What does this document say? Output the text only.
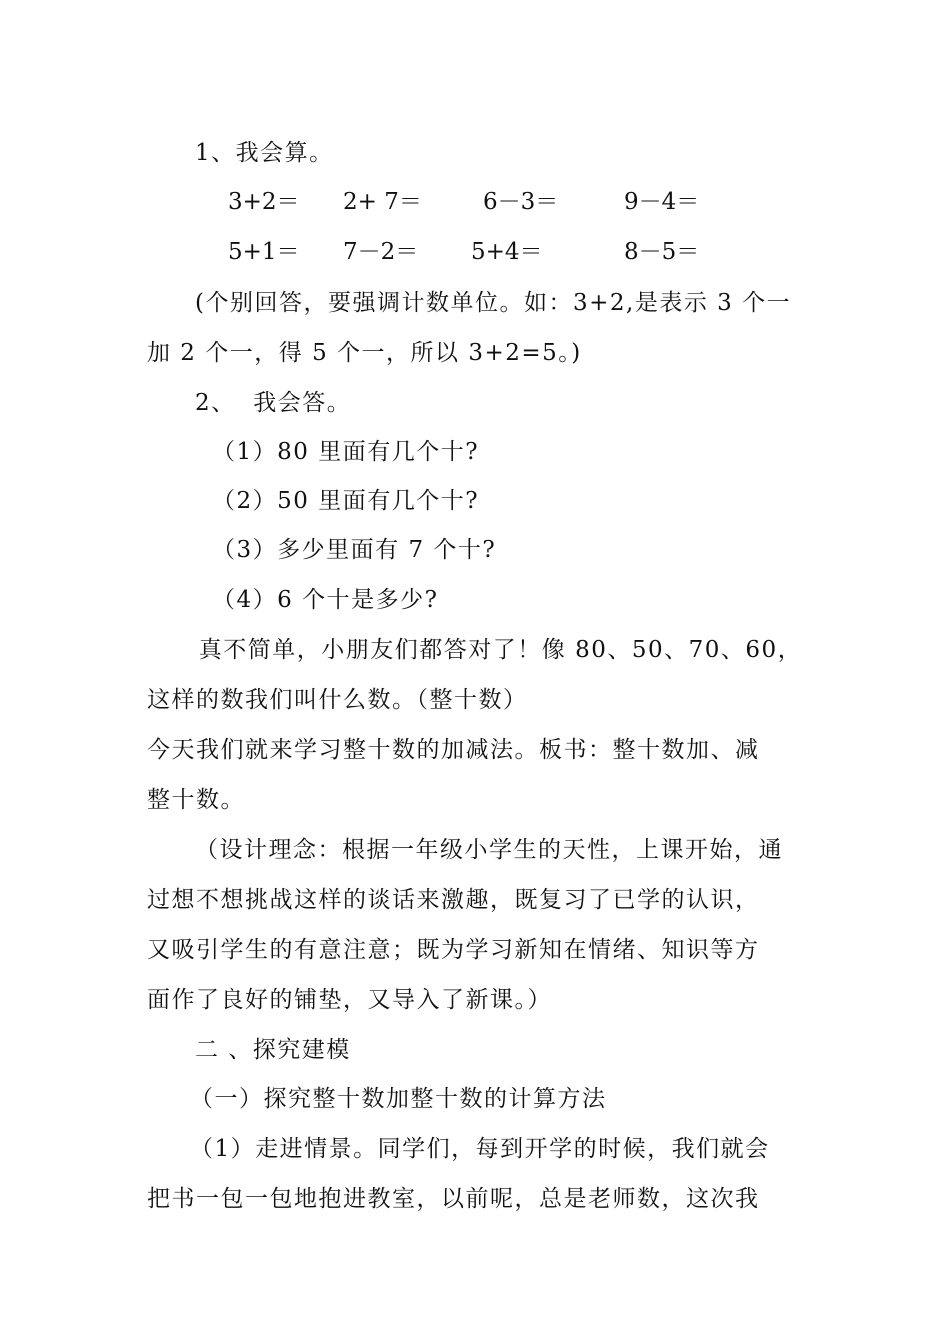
1、我会算。
3+2＝ 2+ 7＝	6－3＝	9－4＝
5+1＝ 7－2＝ 5+4＝	8－5＝
(个别回答，要强调计数单位。如：3+2,是表示 3 个一
加 2 个一，得 5 个一，所以 3+2=5。)
2、  我会答。
（1）80 里面有几个十?
（2）50 里面有几个十?
（3）多少里面有 7 个十?
（4）6 个十是多少?
真不简单，小朋友们都答对了！像 80、50、70、60，
这样的数我们叫什么数。（整十数）
今天我们就来学习整十数的加减法。板书：整十数加、减
整十数。
（设计理念：根据一年级小学生的天性，上课开始，通
过想不想挑战这样的谈话来激趣，既复习了已学的认识，
又吸引学生的有意注意；既为学习新知在情绪、知识等方
面作了良好的铺垫，又导入了新课。）
二 、探究建模
（一）探究整十数加整十数的计算方法
（1）走进情景。同学们，每到开学的时候，我们就会
把书一包一包地抱进教室，以前呢，总是老师数，这次我
